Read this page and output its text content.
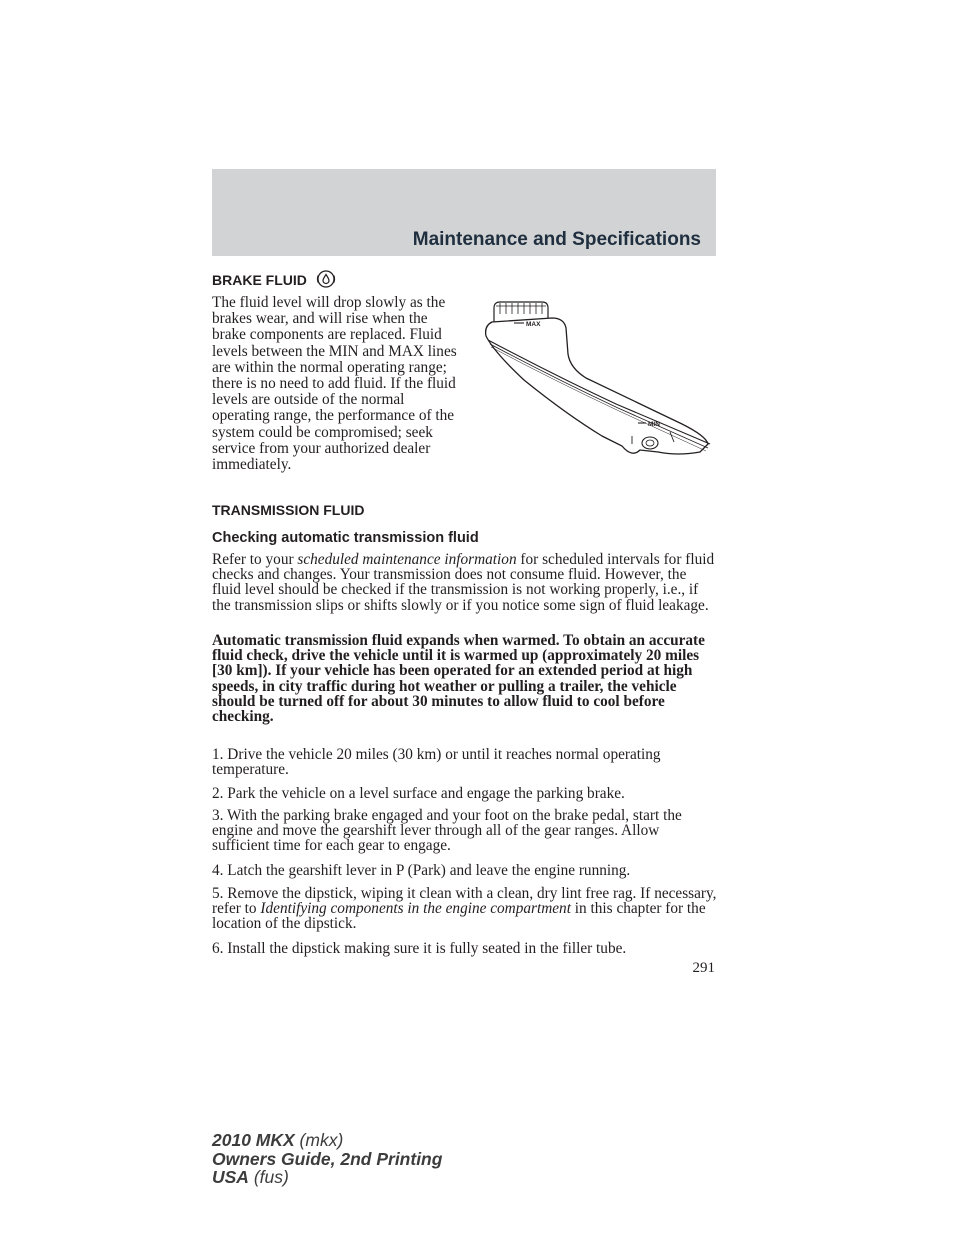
Maintenance and Specifications
BRAKE FLUID

The fluid level will drop slowly as the brakes wear, and will rise when the brake components are replaced. Fluid levels between the MIN and MAX lines are within the normal operating range; there is no need to add fluid. If the fluid levels are outside of the normal operating range, the performance of the system could be compromised; seek service from your authorized dealer immediately.

MAX
MIN
TRANSMISSION FLUID
Checking automatic transmission fluid

Refer to your scheduled maintenance information for scheduled intervals for fluid checks and changes. Your transmission does not consume fluid. However, the fluid level should be checked if the transmission is not working properly, i.e., if the transmission slips or shifts slowly or if you notice some sign of fluid leakage.

Automatic transmission fluid expands when warmed. To obtain an accurate fluid check, drive the vehicle until it is warmed up (approximately 20 miles [30 km]). If your vehicle has been operated for an extended period at high speeds, in city traffic during hot weather or pulling a trailer, the vehicle should be turned off for about 30 minutes to allow fluid to cool before checking.

1. Drive the vehicle 20 miles (30 km) or until it reaches normal operating temperature.

2. Park the vehicle on a level surface and engage the parking brake.

3. With the parking brake engaged and your foot on the brake pedal, start the engine and move the gearshift lever through all of the gear ranges. Allow sufficient time for each gear to engage.

4. Latch the gearshift lever in P (Park) and leave the engine running.

5. Remove the dipstick, wiping it clean with a clean, dry lint free rag. If necessary, refer to Identifying components in the engine compartment in this chapter for the location of the dipstick.

6. Install the dipstick making sure it is fully seated in the filler tube.

291
2010 MKX (mkx)
Owners Guide, 2nd Printing
USA (fus)
